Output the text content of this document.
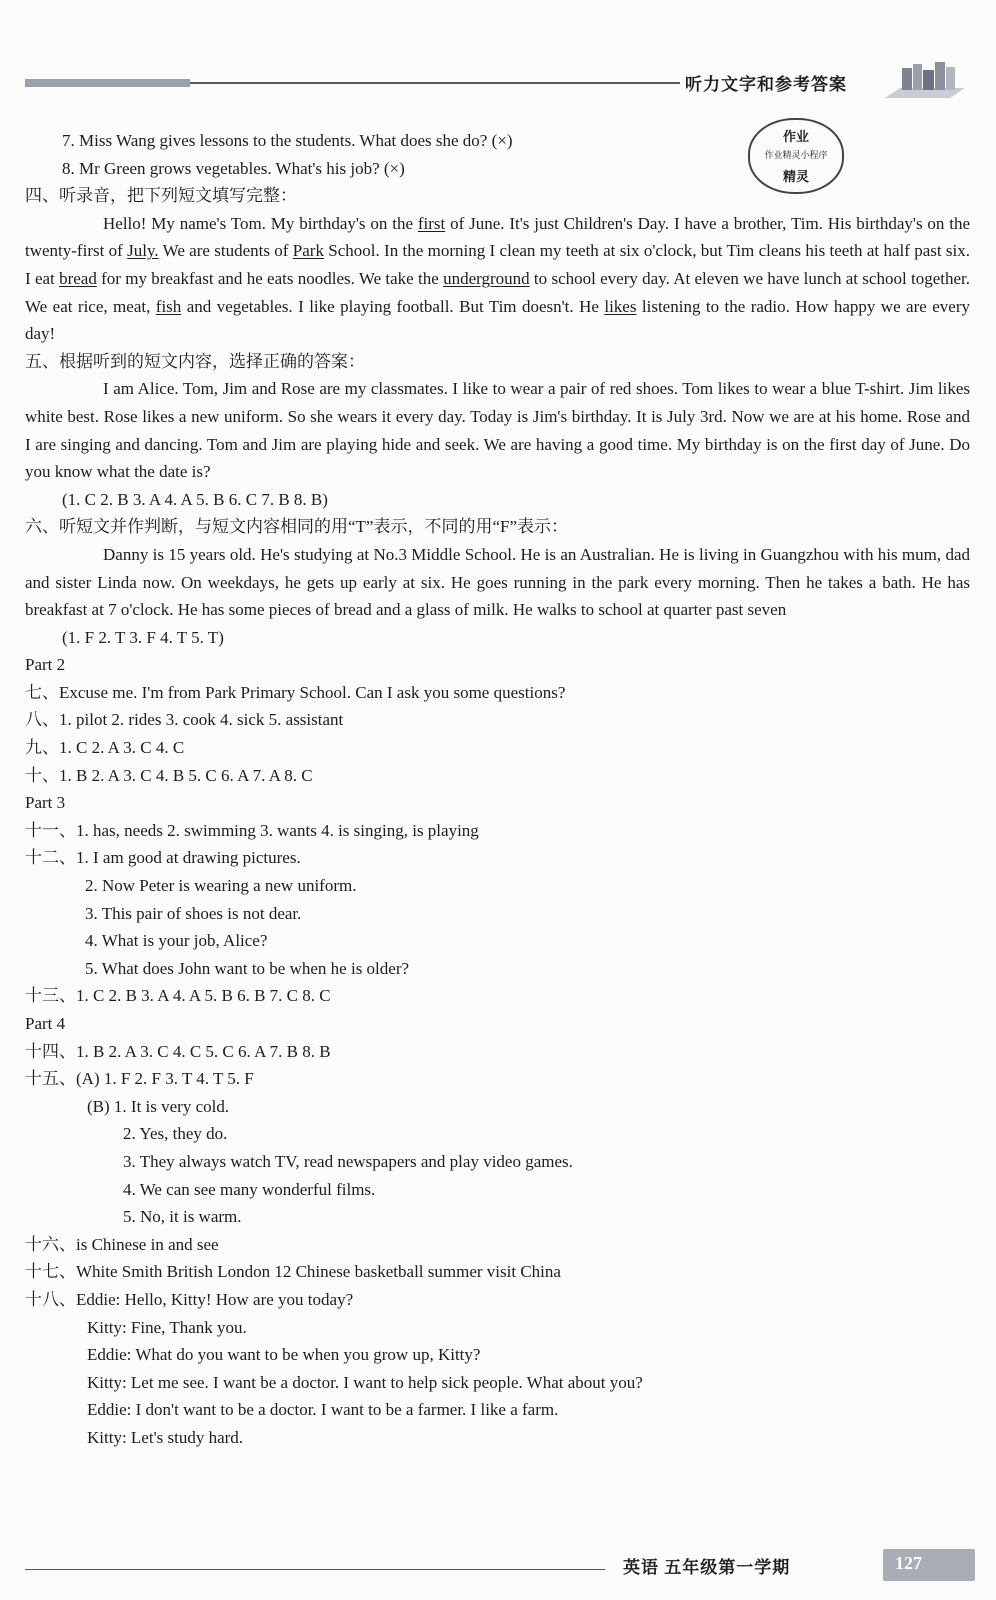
听力文字和参考答案
作业
作业精灵小程序
精灵
7. Miss Wang gives lessons to the students. What does she do? (×)
8. Mr Green grows vegetables. What's his job? (×)
四、听录音，把下列短文填写完整：
Hello! My name's Tom. My birthday's on the first of June. It's just Children's Day. I have a brother, Tim. His birthday's on the twenty-first of July. We are students of Park School. In the morning I clean my teeth at six o'clock, but Tim cleans his teeth at half past six. I eat bread for my breakfast and he eats noodles. We take the underground to school every day. At eleven we have lunch at school together. We eat rice, meat, fish and vegetables. I like playing football. But Tim doesn't. He likes listening to the radio. How happy we are every day!
五、根据听到的短文内容，选择正确的答案：
I am Alice. Tom, Jim and Rose are my classmates. I like to wear a pair of red shoes. Tom likes to wear a blue T-shirt. Jim likes white best. Rose likes a new uniform. So she wears it every day. Today is Jim's birthday. It is July 3rd. Now we are at his home. Rose and I are singing and dancing. Tom and Jim are playing hide and seek. We are having a good time. My birthday is on the first day of June. Do you know what the date is?
(1. C 2. B 3. A 4. A 5. B 6. C 7. B 8. B)
六、听短文并作判断，与短文内容相同的用“T”表示，不同的用“F”表示：
Danny is 15 years old. He's studying at No.3 Middle School. He is an Australian. He is living in Guangzhou with his mum, dad and sister Linda now. On weekdays, he gets up early at six. He goes running in the park every morning. Then he takes a bath. He has breakfast at 7 o'clock. He has some pieces of bread and a glass of milk. He walks to school at quarter past seven
(1. F 2. T 3. F 4. T 5. T)
Part 2
七、Excuse me. I'm from Park Primary School. Can I ask you some questions?
八、1. pilot 2. rides 3. cook 4. sick 5. assistant
九、1. C 2. A 3. C 4. C
十、1. B 2. A 3. C 4. B 5. C 6. A 7. A 8. C
Part 3
十一、1. has, needs 2. swimming 3. wants 4. is singing, is playing
十二、1. I am good at drawing pictures.
2. Now Peter is wearing a new uniform.
3. This pair of shoes is not dear.
4. What is your job, Alice?
5. What does John want to be when he is older?
十三、1. C 2. B 3. A 4. A 5. B 6. B 7. C 8. C
Part 4
十四、1. B 2. A 3. C 4. C 5. C 6. A 7. B 8. B
十五、(A) 1. F 2. F 3. T 4. T 5. F
(B) 1. It is very cold.
2. Yes, they do.
3. They always watch TV, read newspapers and play video games.
4. We can see many wonderful films.
5. No, it is warm.
十六、is Chinese in and see
十七、White Smith British London 12 Chinese basketball summer visit China
十八、Eddie: Hello, Kitty! How are you today?
Kitty: Fine, Thank you.
Eddie: What do you want to be when you grow up, Kitty?
Kitty: Let me see. I want be a doctor. I want to help sick people. What about you?
Eddie: I don't want to be a doctor. I want to be a farmer. I like a farm.
Kitty: Let's study hard.
英语 五年级第一学期	127
